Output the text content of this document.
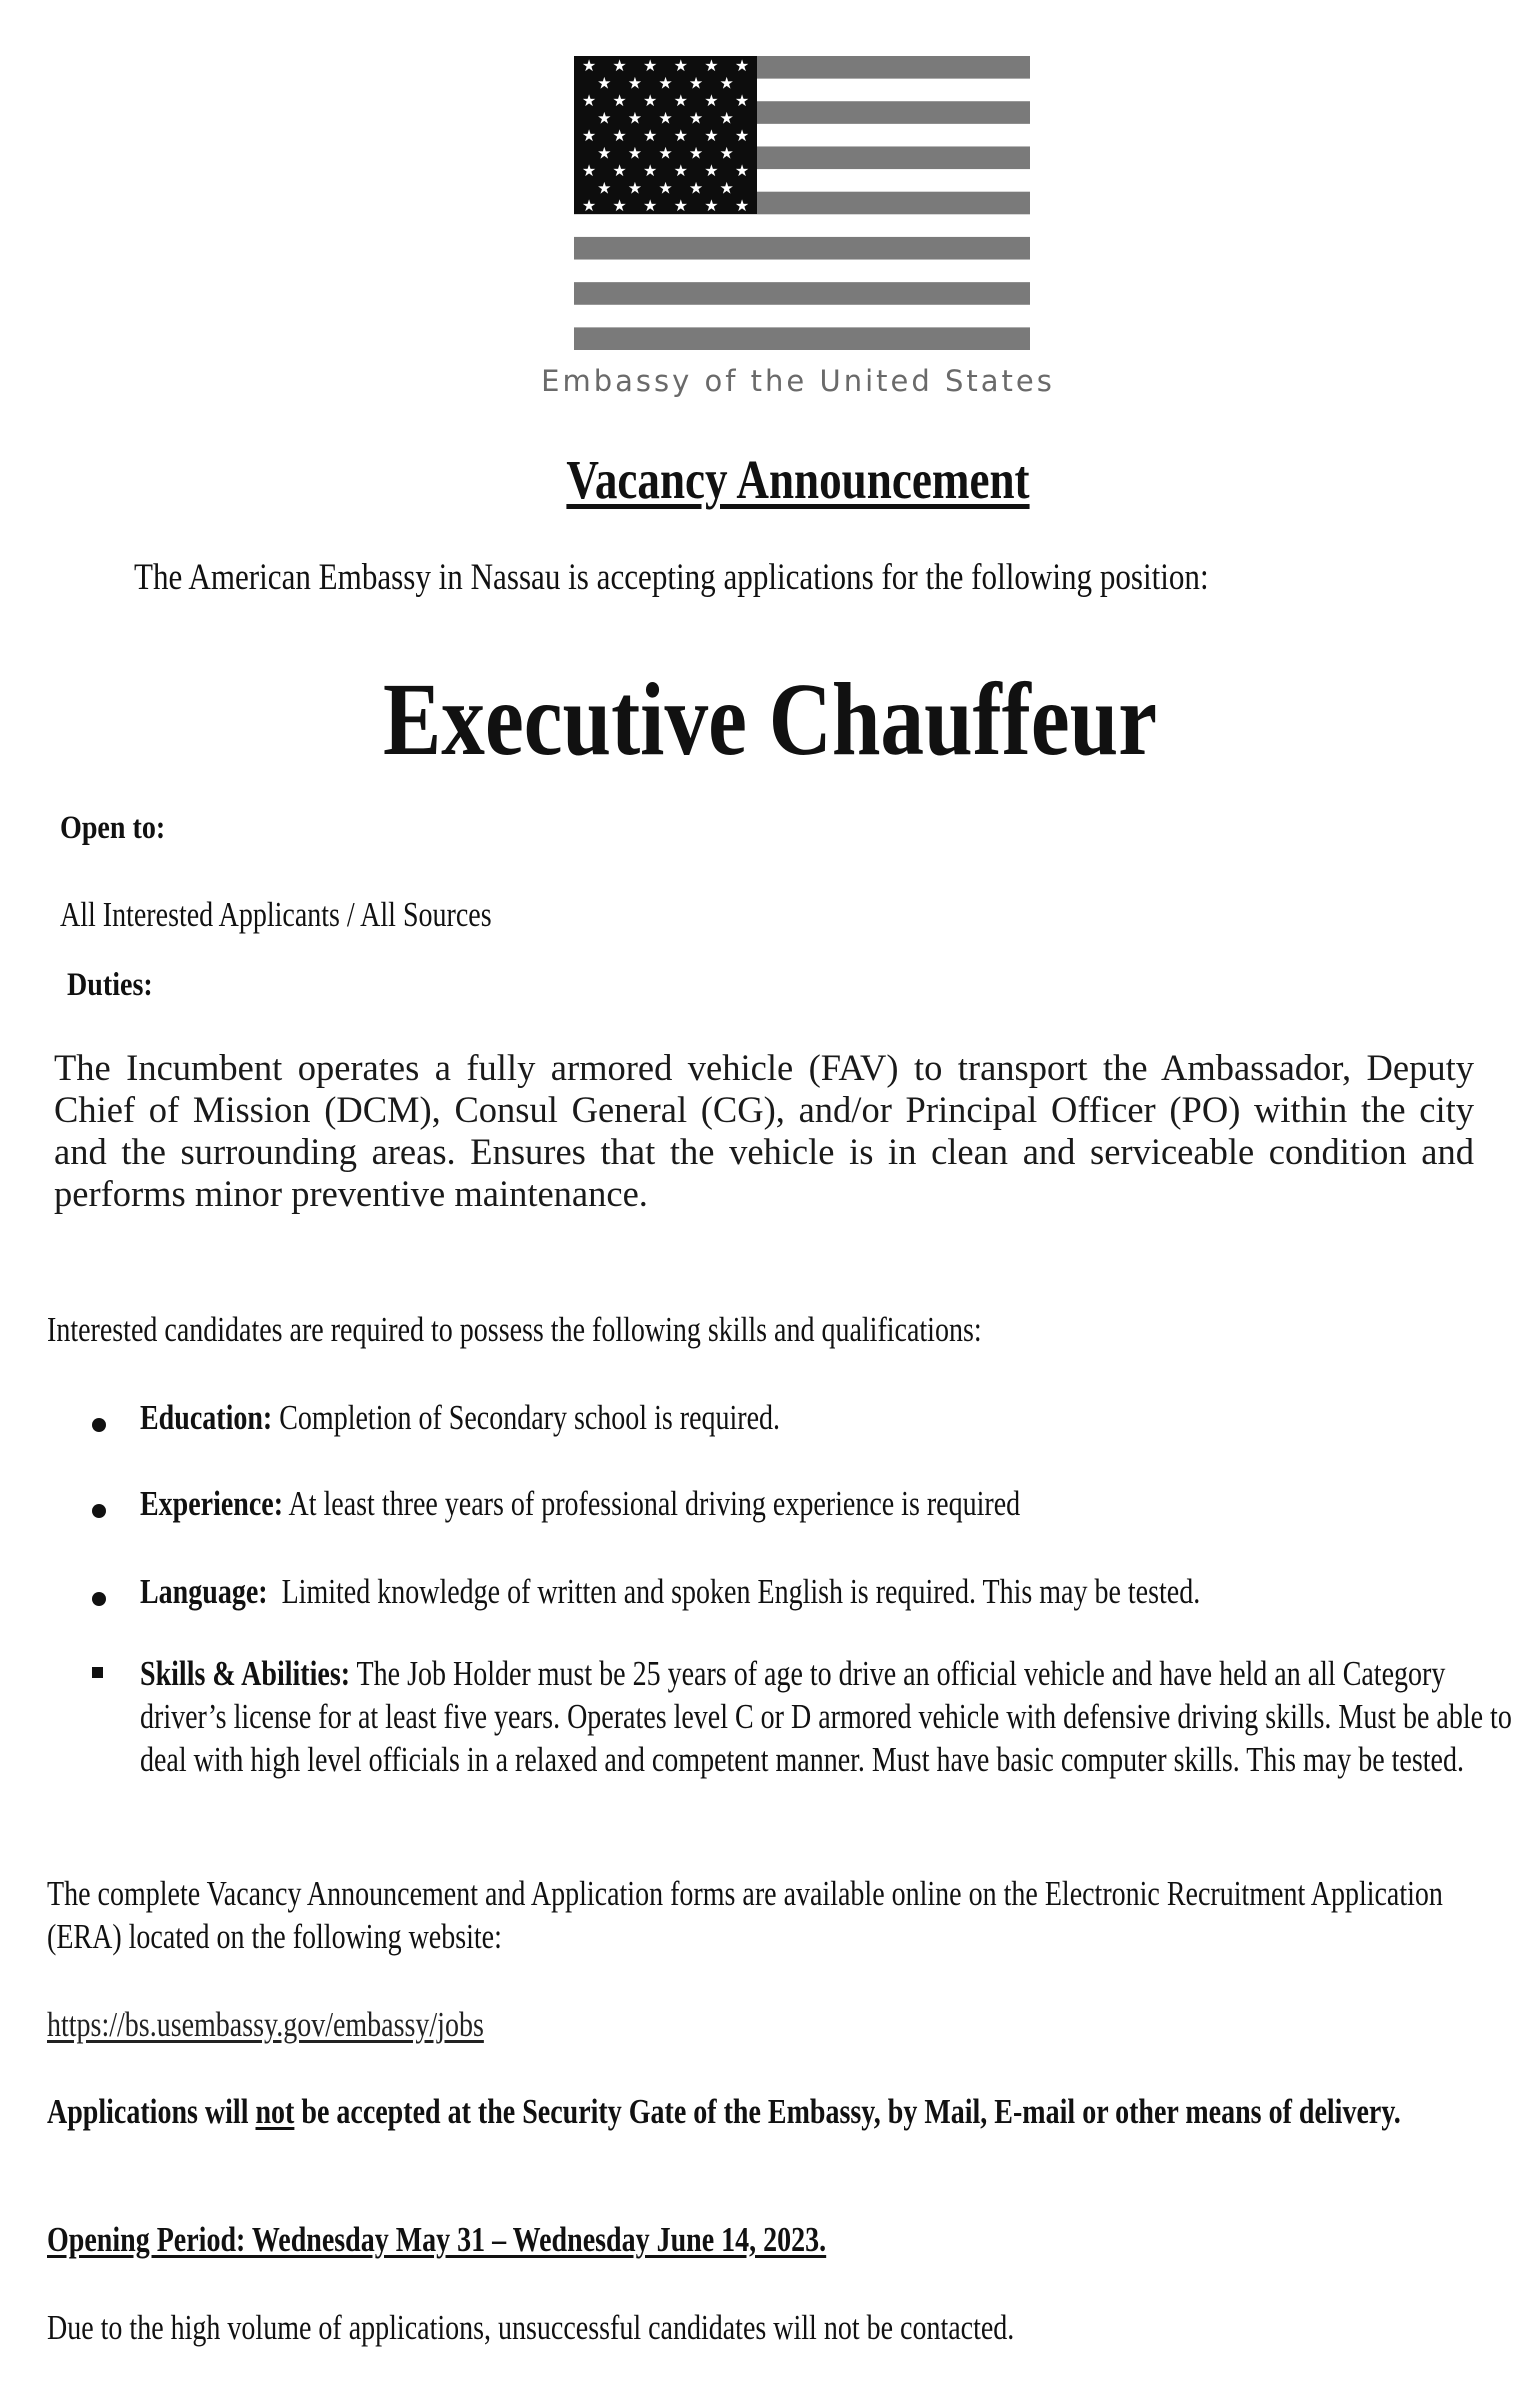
★ ★ ★ ★ ★ ★
★ ★ ★ ★ ★
★ ★ ★ ★ ★ ★
★ ★ ★ ★ ★
★ ★ ★ ★ ★ ★
★ ★ ★ ★ ★
★ ★ ★ ★ ★ ★
★ ★ ★ ★ ★
★ ★ ★ ★ ★ ★
Embassy of the United States
Vacancy Announcement
The American Embassy in Nassau is accepting applications for the following position:
Executive Chauffeur
Open to:
All Interested Applicants / All Sources
Duties:
The Incumbent operates a fully armored vehicle (FAV) to transport the Ambassador, Deputy Chief of Mission (DCM), Consul General (CG), and/or Principal Officer (PO) within the city and the surrounding areas. Ensures that the vehicle is in clean and serviceable condition and performs minor preventive maintenance.
Interested candidates are required to possess the following skills and qualifications:
Education: Completion of Secondary school is required.
Experience: At least three years of professional driving experience is required
Language: Limited knowledge of written and spoken English is required. This may be tested.
Skills & Abilities: The Job Holder must be 25 years of age to drive an official vehicle and have held an all Category driver’s license for at least five years. Operates level C or D armored vehicle with defensive driving skills. Must be able to deal with high level officials in a relaxed and competent manner. Must have basic computer skills. This may be tested.
The complete Vacancy Announcement and Application forms are available online on the Electronic Recruitment Application (ERA) located on the following website:
https://bs.usembassy.gov/embassy/jobs
Applications will not be accepted at the Security Gate of the Embassy, by Mail, E-mail or other means of delivery.
Opening Period: Wednesday May 31 – Wednesday June 14, 2023.
Due to the high volume of applications, unsuccessful candidates will not be contacted.
